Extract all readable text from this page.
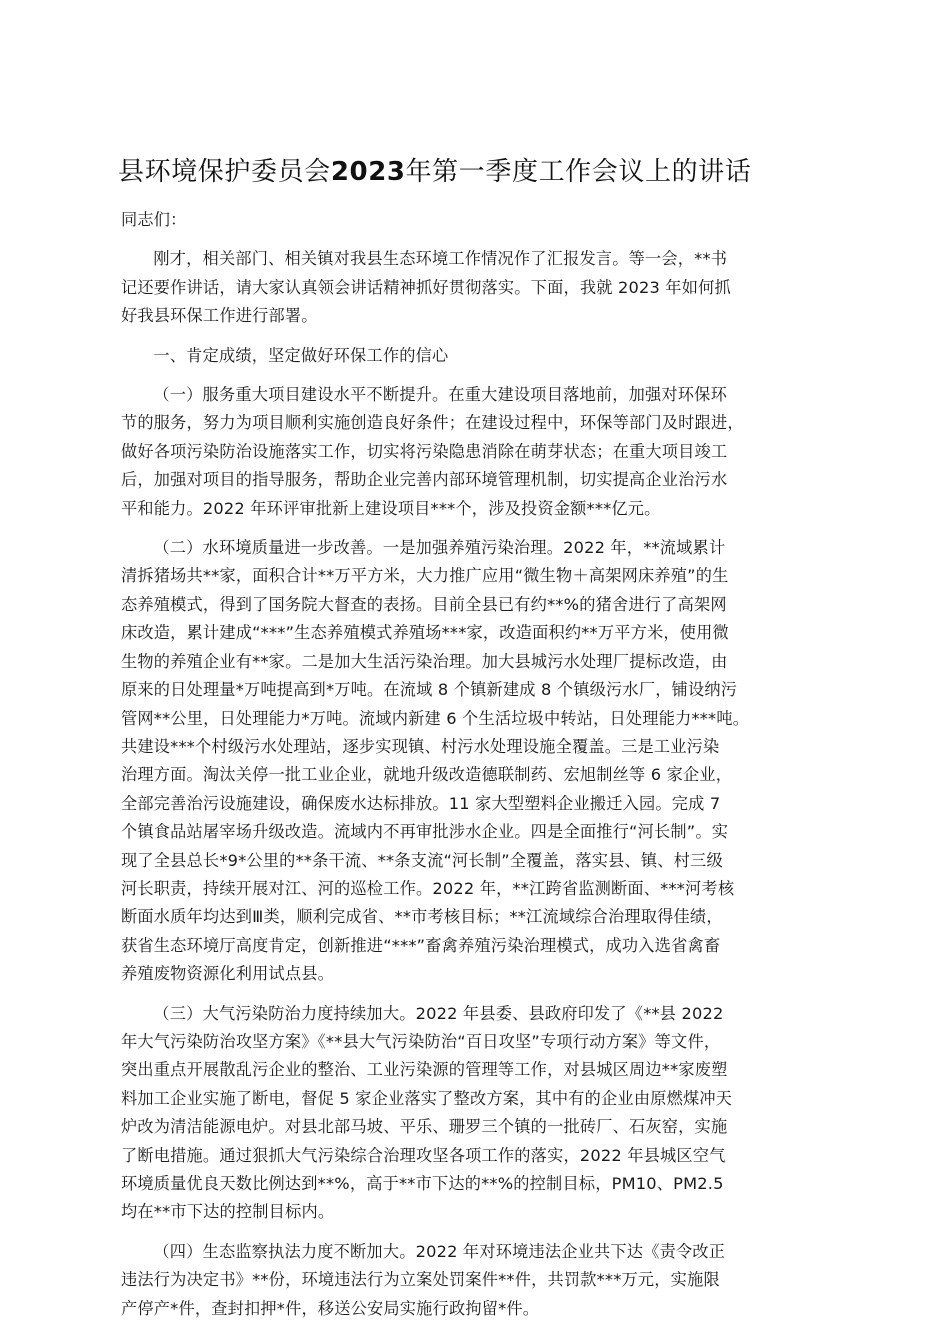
县环境保护委员会2023年第一季度工作会议上的讲话

同志们：

刚才，相关部门、相关镇对我县生态环境工作情况作了汇报发言。等一会，**书
记还要作讲话，请大家认真领会讲话精神抓好贯彻落实。下面，我就 2023 年如何抓
好我县环保工作进行部署。

一、肯定成绩，坚定做好环保工作的信心

（一）服务重大项目建设水平不断提升。在重大建设项目落地前，加强对环保环
节的服务，努力为项目顺利实施创造良好条件；在建设过程中，环保等部门及时跟进，
做好各项污染防治设施落实工作，切实将污染隐患消除在萌芽状态；在重大项目竣工
后，加强对项目的指导服务，帮助企业完善内部环境管理机制，切实提高企业治污水
平和能力。2022 年环评审批新上建设项目***个，涉及投资金额***亿元。

（二）水环境质量进一步改善。一是加强养殖污染治理。2022 年，**流域累计
清拆猪场共**家，面积合计**万平方米，大力推广应用“微生物＋高架网床养殖”的生
态养殖模式，得到了国务院大督查的表扬。目前全县已有约**%的猪舍进行了高架网
床改造，累计建成“***”生态养殖模式养殖场***家，改造面积约**万平方米，使用微
生物的养殖企业有**家。二是加大生活污染治理。加大县城污水处理厂提标改造，由
原来的日处理量*万吨提高到*万吨。在流域 8 个镇新建成 8 个镇级污水厂，铺设纳污
管网**公里，日处理能力*万吨。流域内新建 6 个生活垃圾中转站，日处理能力***吨。
共建设***个村级污水处理站，逐步实现镇、村污水处理设施全覆盖。三是工业污染
治理方面。淘汰关停一批工业企业，就地升级改造德联制药、宏旭制丝等 6 家企业，
全部完善治污设施建设，确保废水达标排放。11 家大型塑料企业搬迁入园。完成 7
个镇食品站屠宰场升级改造。流域内不再审批涉水企业。四是全面推行“河长制”。实
现了全县总长*9*公里的**条干流、**条支流“河长制”全覆盖，落实县、镇、村三级
河长职责，持续开展对江、河的巡检工作。2022 年，**江跨省监测断面、***河考核
断面水质年均达到Ⅲ类，顺利完成省、**市考核目标；**江流域综合治理取得佳绩，
获省生态环境厅高度肯定，创新推进“***”畜禽养殖污染治理模式，成功入选省禽畜
养殖废物资源化利用试点县。

（三）大气污染防治力度持续加大。2022 年县委、县政府印发了《**县 2022
年大气污染防治攻坚方案》《**县大气污染防治“百日攻坚”专项行动方案》等文件，
突出重点开展散乱污企业的整治、工业污染源的管理等工作，对县城区周边**家废塑
料加工企业实施了断电，督促 5 家企业落实了整改方案，其中有的企业由原燃煤冲天
炉改为清洁能源电炉。对县北部马坡、平乐、珊罗三个镇的一批砖厂、石灰窑，实施
了断电措施。通过狠抓大气污染综合治理攻坚各项工作的落实，2022 年县城区空气
环境质量优良天数比例达到**%，高于**市下达的**%的控制目标，PM10、PM2.5
均在**市下达的控制目标内。

（四）生态监察执法力度不断加大。2022 年对环境违法企业共下达《责令改正
违法行为决定书》**份，环境违法行为立案处罚案件**件，共罚款***万元，实施限
产停产*件，查封扣押*件，移送公安局实施行政拘留*件。
